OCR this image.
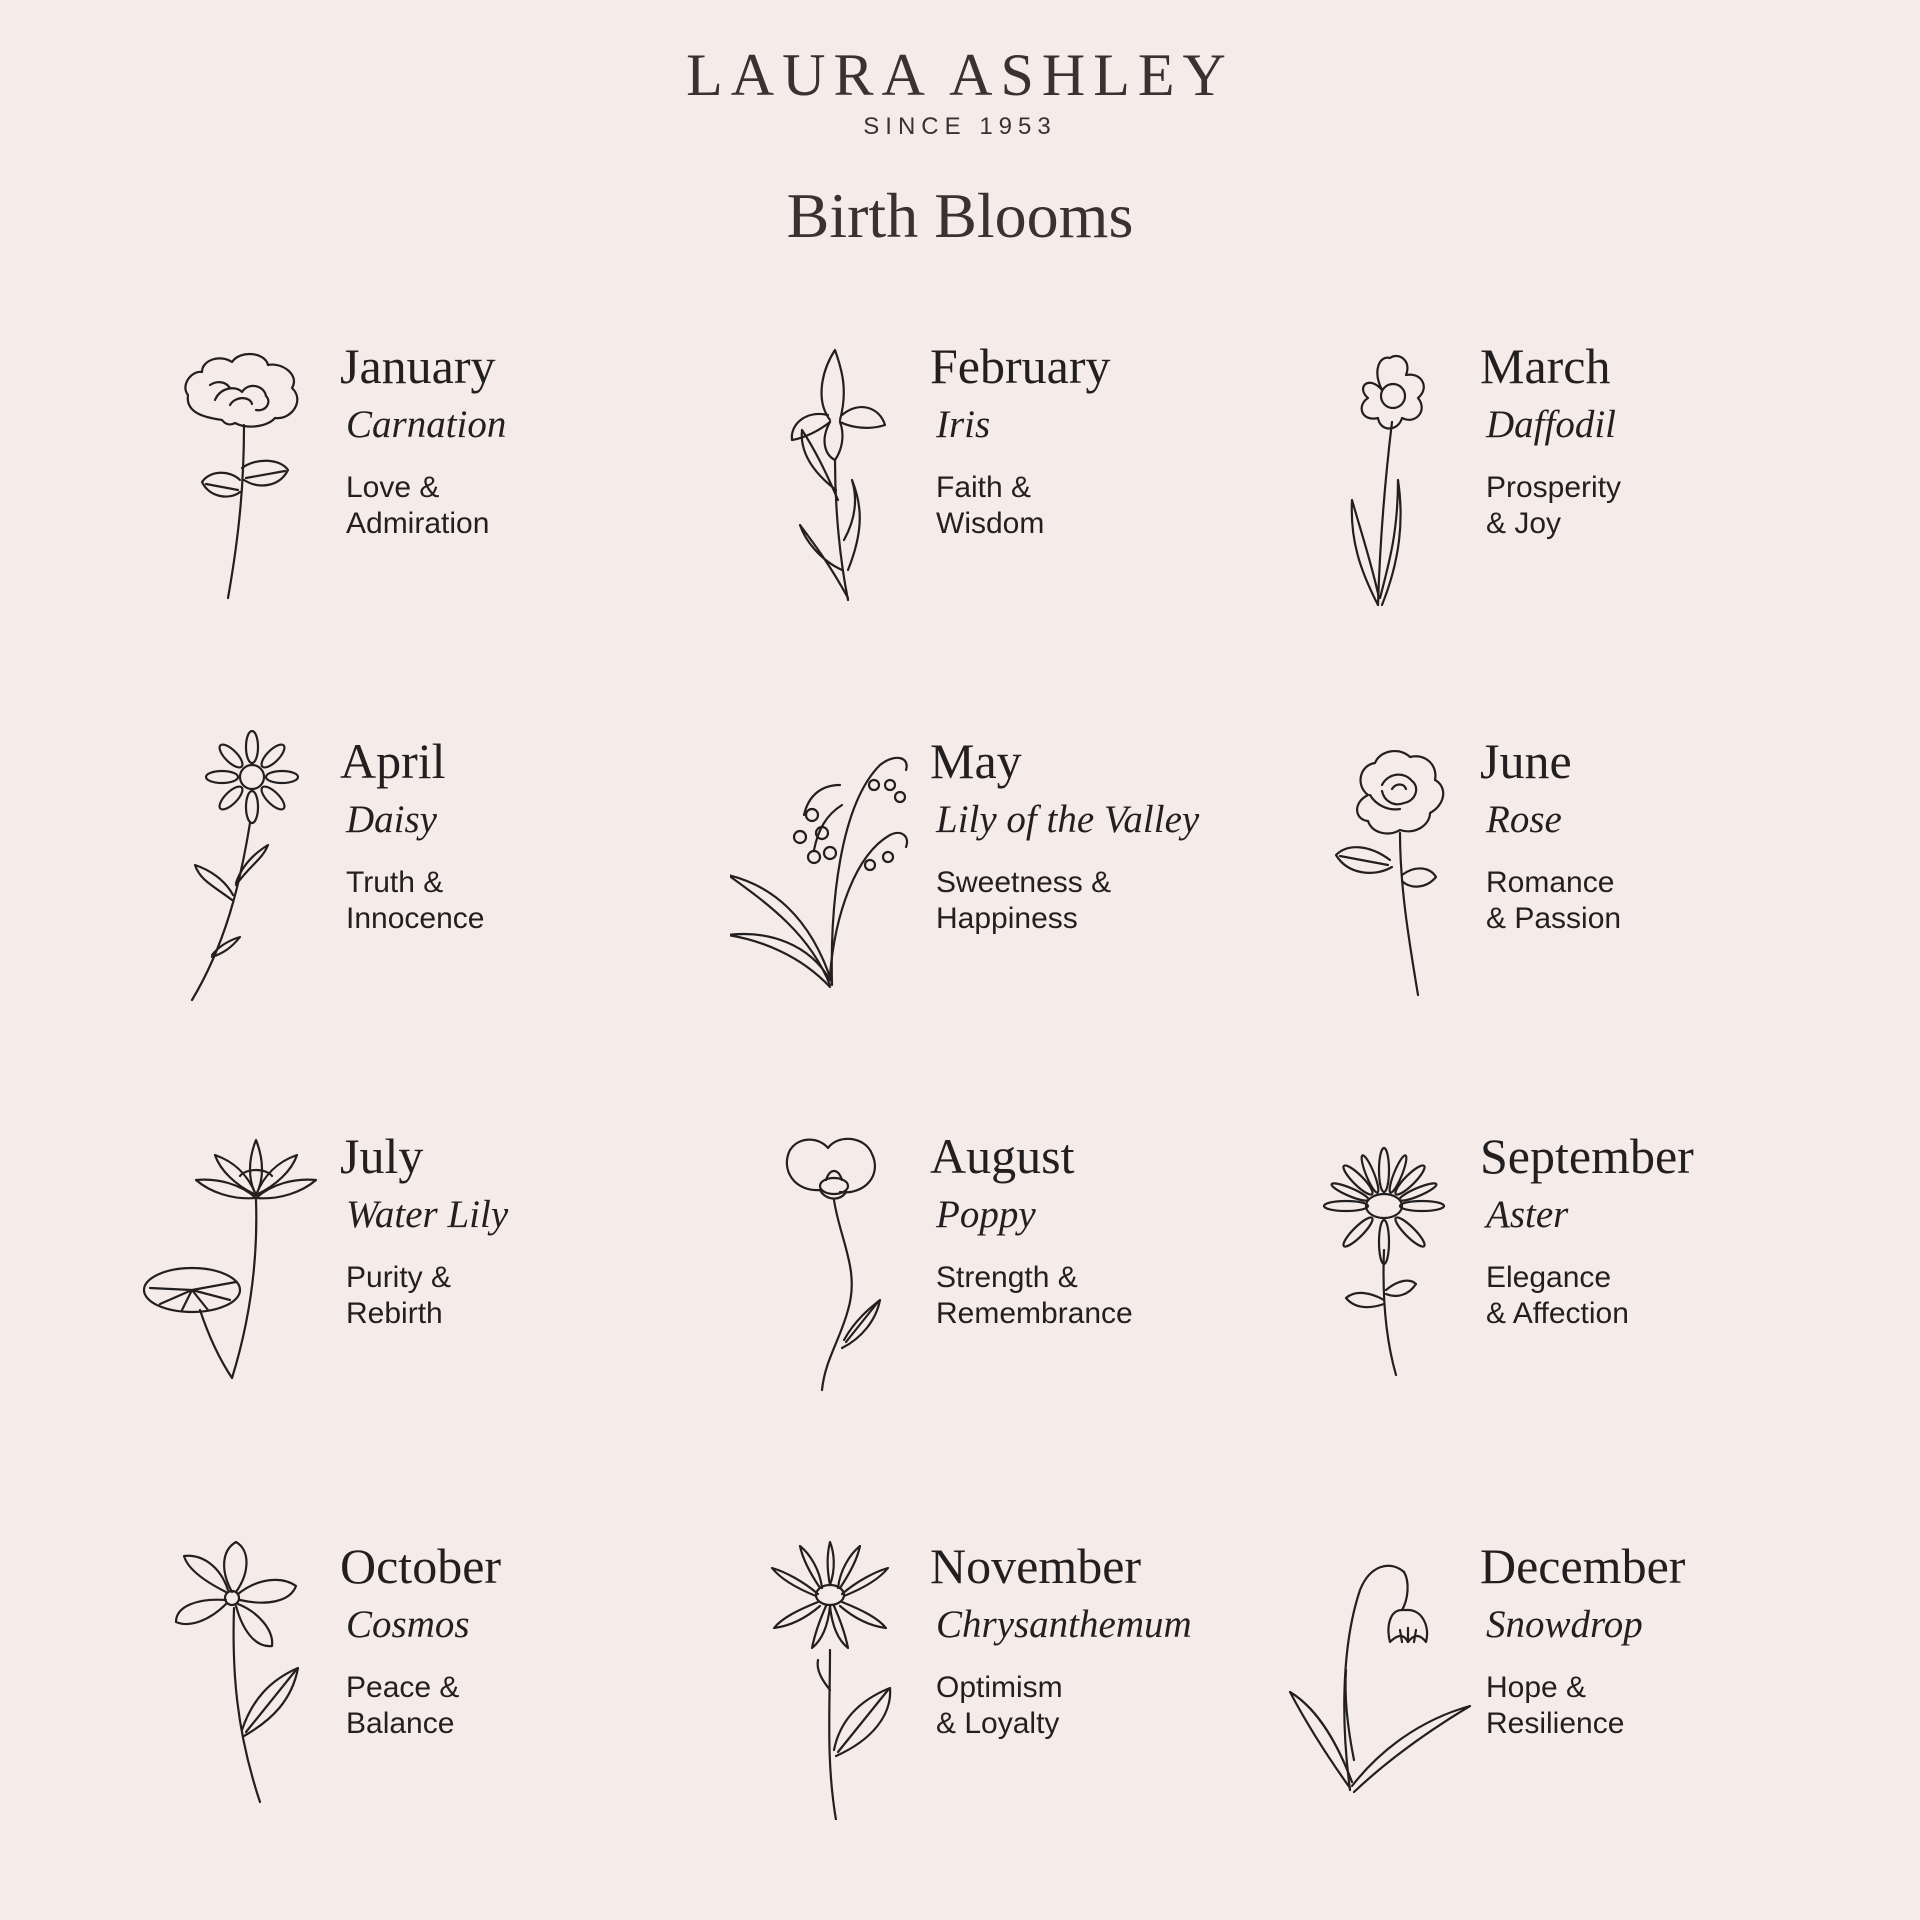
LAURA ASHLEY
SINCE 1953
Birth Blooms
January
Carnation
Love &
Admiration
February
Iris
Faith &
Wisdom
March
Daffodil
Prosperity
& Joy
April
Daisy
Truth &
Innocence
May
Lily of the Valley
Sweetness &
Happiness
June
Rose
Romance
& Passion
July
Water Lily
Purity &
Rebirth
August
Poppy
Strength &
Remembrance
September
Aster
Elegance
& Affection
October
Cosmos
Peace &
Balance
November
Chrysanthemum
Optimism
& Loyalty
December
Snowdrop
Hope &
Resilience
